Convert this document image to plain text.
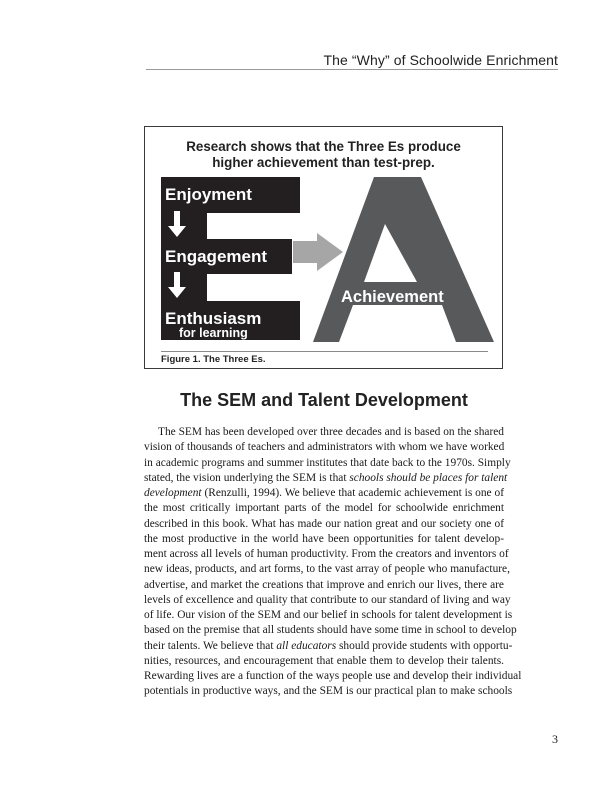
The “Why” of Schoolwide Enrichment
Research shows that the Three Es produce
higher achievement than test-prep.
Enjoyment
Engagement
Enthusiasm
for learning
Achievement
Figure 1. The Three Es.
The SEM and Talent Development
The SEM has been developed over three decades and is based on the shared
vision of thousands of teachers and administrators with whom we have worked
in academic programs and summer institutes that date back to the 1970s. Simply
stated, the vision underlying the SEM is that schools should be places for talent
development (Renzulli, 1994). We believe that academic achievement is one of
the most critically important parts of the model for schoolwide enrichment
described in this book. What has made our nation great and our society one of
the most productive in the world have been opportunities for talent develop-
ment across all levels of human productivity. From the creators and inventors of
new ideas, products, and art forms, to the vast array of people who manufacture,
advertise, and market the creations that improve and enrich our lives, there are
levels of excellence and quality that contribute to our standard of living and way
of life. Our vision of the SEM and our belief in schools for talent development is
based on the premise that all students should have some time in school to develop
their talents. We believe that all educators should provide students with opportu-
nities, resources, and encouragement that enable them to develop their talents.
Rewarding lives are a function of the ways people use and develop their individual
potentials in productive ways, and the SEM is our practical plan to make schools
3
